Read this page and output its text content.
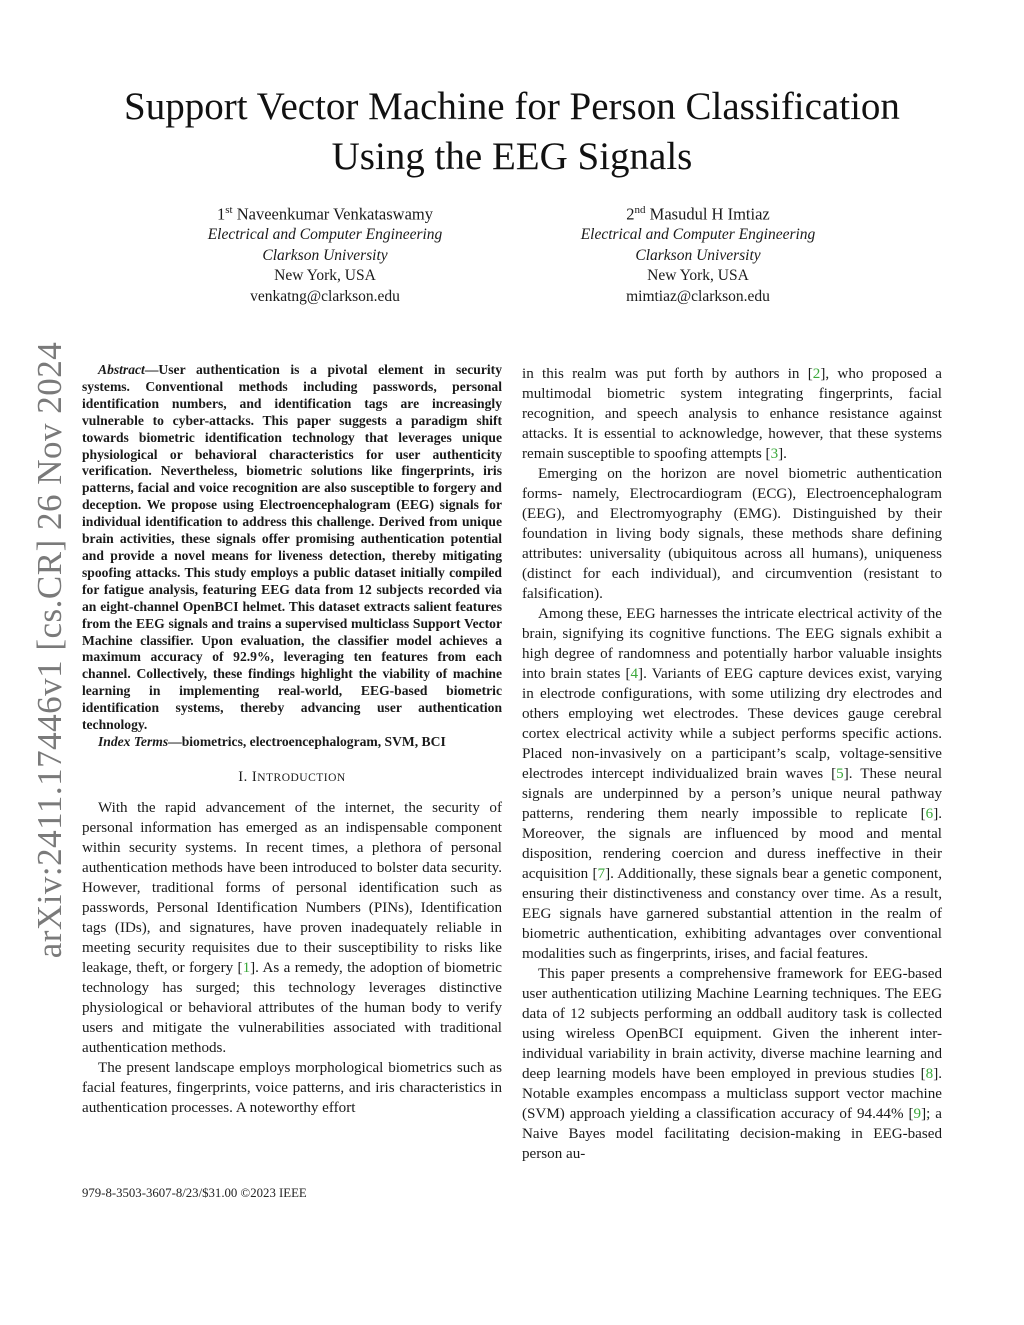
arXiv:2411.17446v1 [cs.CR] 26 Nov 2024
Support Vector Machine for Person Classification
Using the EEG Signals
1st Naveenkumar Venkataswamy
Electrical and Computer Engineering
Clarkson University
New York, USA
venkatng@clarkson.edu
2nd Masudul H Imtiaz
Electrical and Computer Engineering
Clarkson University
New York, USA
mimtiaz@clarkson.edu

Abstract—User authentication is a pivotal element in security systems. Conventional methods including passwords, personal identification numbers, and identification tags are increasingly vulnerable to cyber-attacks. This paper suggests a paradigm shift towards biometric identification technology that leverages unique physiological or behavioral characteristics for user authenticity verification. Nevertheless, biometric solutions like fingerprints, iris patterns, facial and voice recognition are also susceptible to forgery and deception. We propose using Electroencephalogram (EEG) signals for individual identification to address this challenge. Derived from unique brain activities, these signals offer promising authentication potential and provide a novel means for liveness detection, thereby mitigating spoofing attacks. This study employs a public dataset initially compiled for fatigue analysis, featuring EEG data from 12 subjects recorded via an eight-channel OpenBCI helmet. This dataset extracts salient features from the EEG signals and trains a supervised multiclass Support Vector Machine classifier. Upon evaluation, the classifier model achieves a maximum accuracy of 92.9%, leveraging ten features from each channel. Collectively, these findings highlight the viability of machine learning in implementing real-world, EEG-based biometric identification systems, thereby advancing user authentication technology.

Index Terms—biometrics, electroencephalogram, SVM, BCI

I. INTRODUCTION

With the rapid advancement of the internet, the security of personal information has emerged as an indispensable component within security systems. In recent times, a plethora of personal authentication methods have been introduced to bolster data security. However, traditional forms of personal identification such as passwords, Personal Identification Numbers (PINs), Identification tags (IDs), and signatures, have proven inadequately reliable in meeting security requisites due to their susceptibility to risks like leakage, theft, or forgery [1]. As a remedy, the adoption of biometric technology has surged; this technology leverages distinctive physiological or behavioral attributes of the human body to verify users and mitigate the vulnerabilities associated with traditional authentication methods.

The present landscape employs morphological biometrics such as facial features, fingerprints, voice patterns, and iris characteristics in authentication processes. A noteworthy effort

in this realm was put forth by authors in [2], who proposed a multimodal biometric system integrating fingerprints, facial recognition, and speech analysis to enhance resistance against attacks. It is essential to acknowledge, however, that these systems remain susceptible to spoofing attempts [3].

Emerging on the horizon are novel biometric authentication forms- namely, Electrocardiogram (ECG), Electroencephalogram (EEG), and Electromyography (EMG). Distinguished by their foundation in living body signals, these methods share defining attributes: universality (ubiquitous across all humans), uniqueness (distinct for each individual), and circumvention (resistant to falsification).

Among these, EEG harnesses the intricate electrical activity of the brain, signifying its cognitive functions. The EEG signals exhibit a high degree of randomness and potentially harbor valuable insights into brain states [4]. Variants of EEG capture devices exist, varying in electrode configurations, with some utilizing dry electrodes and others employing wet electrodes. These devices gauge cerebral cortex electrical activity while a subject performs specific actions. Placed non-invasively on a participant’s scalp, voltage-sensitive electrodes intercept individualized brain waves [5]. These neural signals are underpinned by a person’s unique neural pathway patterns, rendering them nearly impossible to replicate [6]. Moreover, the signals are influenced by mood and mental disposition, rendering coercion and duress ineffective in their acquisition [7]. Additionally, these signals bear a genetic component, ensuring their distinctiveness and constancy over time. As a result, EEG signals have garnered substantial attention in the realm of biometric authentication, exhibiting advantages over conventional modalities such as fingerprints, irises, and facial features.

This paper presents a comprehensive framework for EEG-based user authentication utilizing Machine Learning techniques. The EEG data of 12 subjects performing an oddball auditory task is collected using wireless OpenBCI equipment. Given the inherent inter-individual variability in brain activity, diverse machine learning and deep learning models have been employed in previous studies [8]. Notable examples encompass a multiclass support vector machine (SVM) approach yielding a classification accuracy of 94.44% [9]; a Naive Bayes model facilitating decision-making in EEG-based person au-

979-8-3503-3607-8/23/$31.00 ©2023 IEEE
